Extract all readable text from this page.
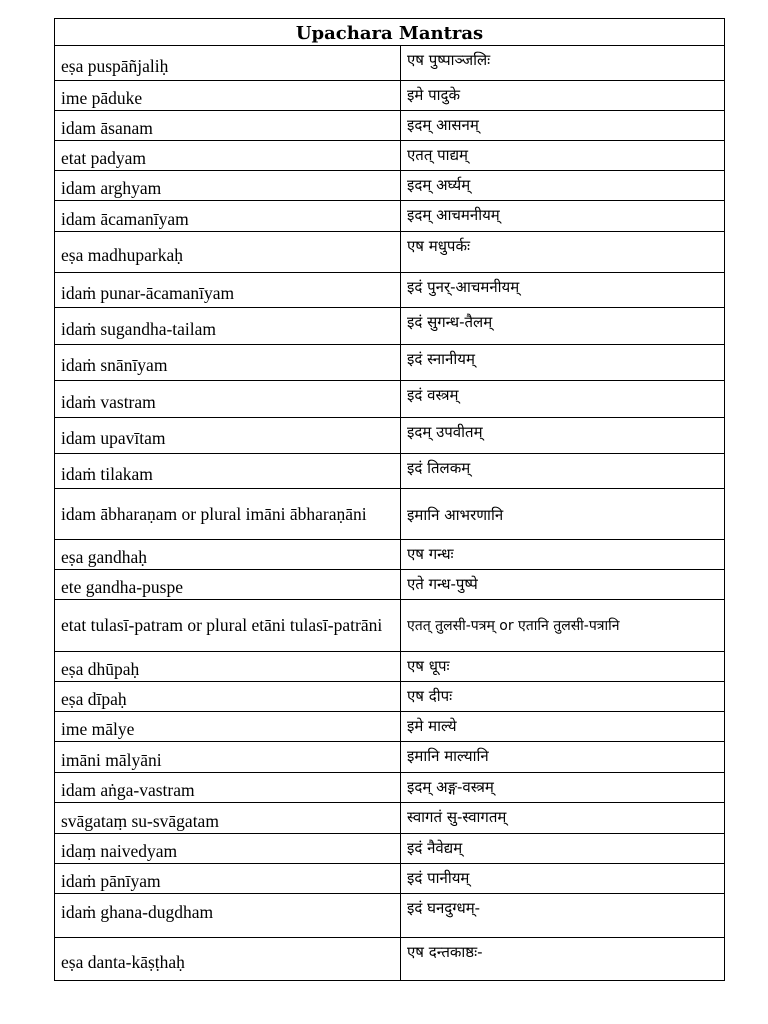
Upachara Mantras	
eṣa puspāñjaliḥ	एष पुष्पाञ्जलिः
ime pāduke	इमे पादुके
idam āsanam	इदम् आसनम्
etat padyam	एतत् पाद्यम्
idam arghyam	इदम् अर्घ्यम्
idam ācamanīyam	इदम् आचमनीयम्
eṣa madhuparkaḥ	एष मधुपर्कः
idaṁ punar-ācamanīyam	इदं पुनर्-आचमनीयम्
idaṁ sugandha-tailam	इदं सुगन्ध-तैलम्
idaṁ snānīyam	इदं स्नानीयम्
idaṁ vastram	इदं वस्त्रम्
idam upavītam	इदम् उपवीतम्
idaṁ tilakam	इदं तिलकम्
idam ābharaṇam or plural imāni ābharaṇāni	इमानि आभरणानि
eṣa gandhaḥ	एष गन्धः
ete gandha-puspe	एते गन्ध-पुष्पे
etat tulasī-patram or plural etāni tulasī-patrāni	एतत् तुलसी-पत्रम् or एतानि तुलसी-पत्रानि
eṣa dhūpaḥ	एष धूपः
eṣa dīpaḥ	एष दीपः
ime mālye	इमे माल्ये
imāni mālyāni	इमानि माल्यानि
idam aṅga-vastram	इदम् अङ्ग-वस्त्रम्
svāgataṃ su-svāgatam	स्वागतं सु-स्वागतम्
idaṃ naivedyam	इदं नैवेद्यम्
idaṁ pānīyam	इदं पानीयम्
idaṁ ghana-dugdham	इदं घनदुग्धम्-
eṣa danta-kāṣṭhaḥ	एष दन्तकाष्ठः-
